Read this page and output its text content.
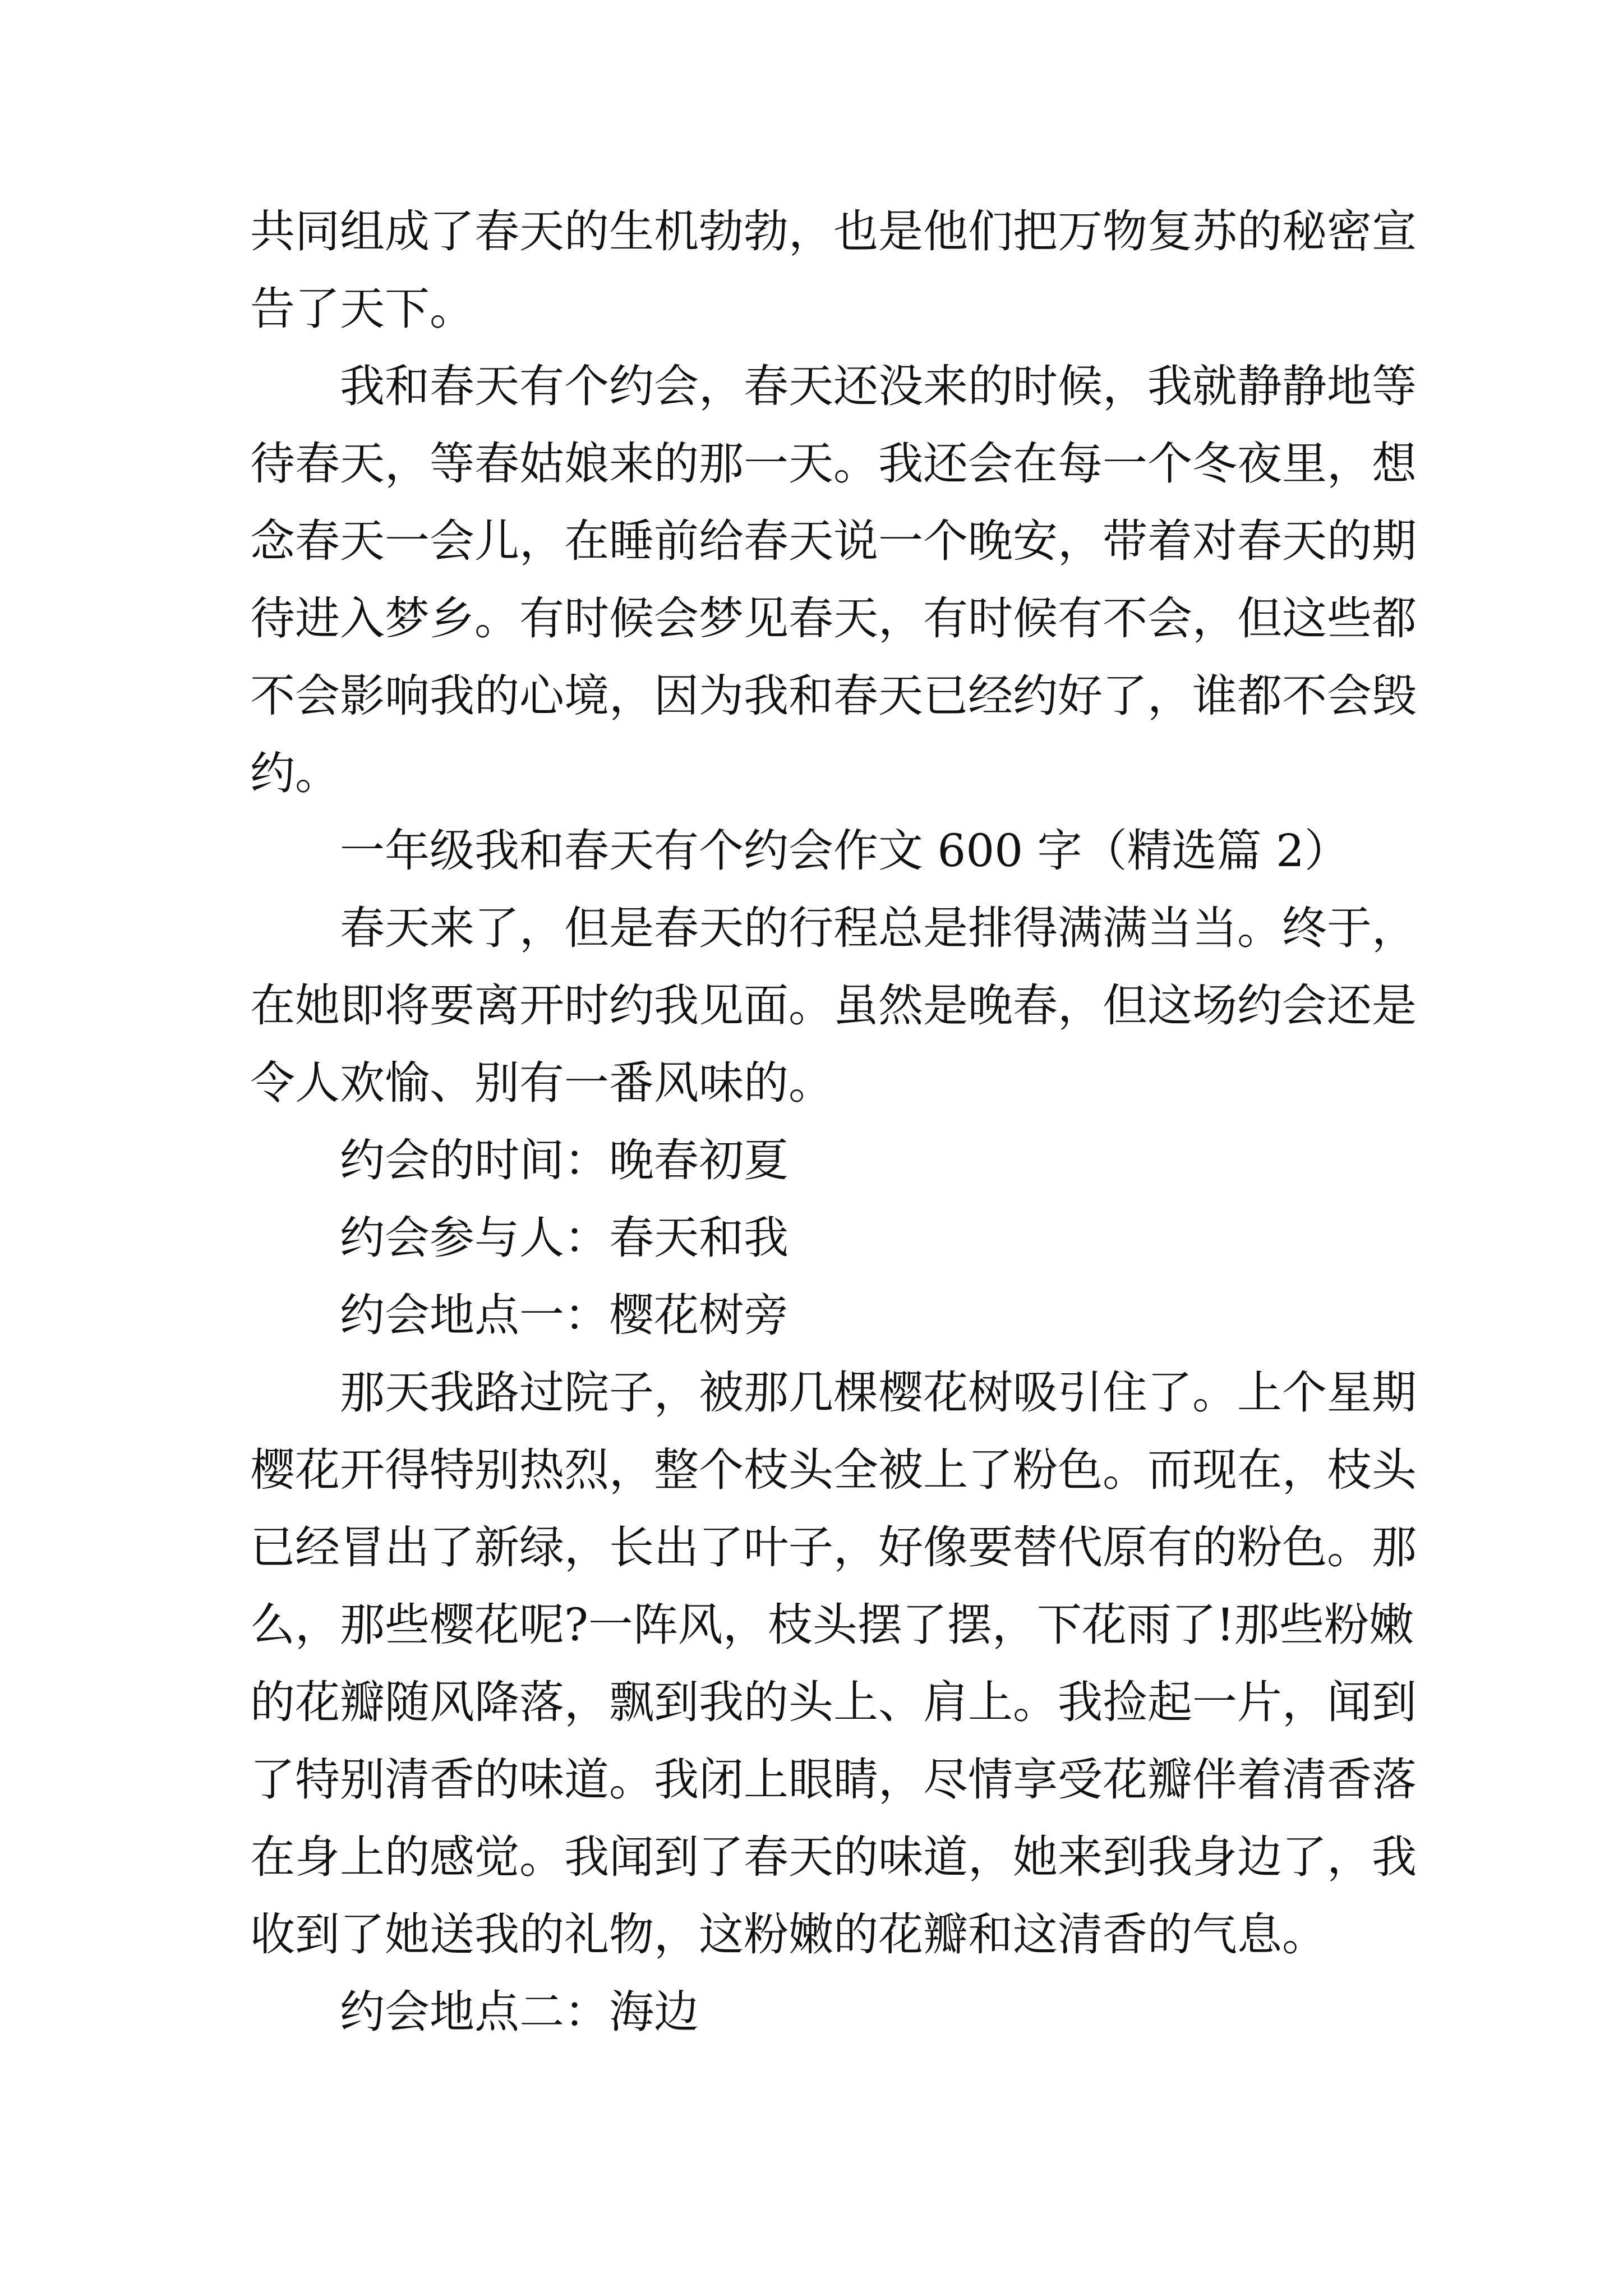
共同组成了春天的生机勃勃，也是他们把万物复苏的秘密宣

告了天下。

我和春天有个约会，春天还没来的时候，我就静静地等

待春天，等春姑娘来的那一天。我还会在每一个冬夜里，想

念春天一会儿，在睡前给春天说一个晚安，带着对春天的期

待进入梦乡。有时候会梦见春天，有时候有不会，但这些都

不会影响我的心境，因为我和春天已经约好了，谁都不会毁

约。

一年级我和春天有个约会作文 600 字（精选篇 2）

春天来了，但是春天的行程总是排得满满当当。终于，

在她即将要离开时约我见面。虽然是晚春，但这场约会还是

令人欢愉、别有一番风味的。

约会的时间：晚春初夏

约会参与人：春天和我

约会地点一：樱花树旁

那天我路过院子，被那几棵樱花树吸引住了。上个星期

樱花开得特别热烈，整个枝头全被上了粉色。而现在，枝头

已经冒出了新绿，长出了叶子，好像要替代原有的粉色。那

么，那些樱花呢?一阵风，枝头摆了摆，下花雨了!那些粉嫩

的花瓣随风降落，飘到我的头上、肩上。我捡起一片，闻到

了特别清香的味道。我闭上眼睛，尽情享受花瓣伴着清香落

在身上的感觉。我闻到了春天的味道，她来到我身边了，我

收到了她送我的礼物，这粉嫩的花瓣和这清香的气息。

约会地点二：海边
